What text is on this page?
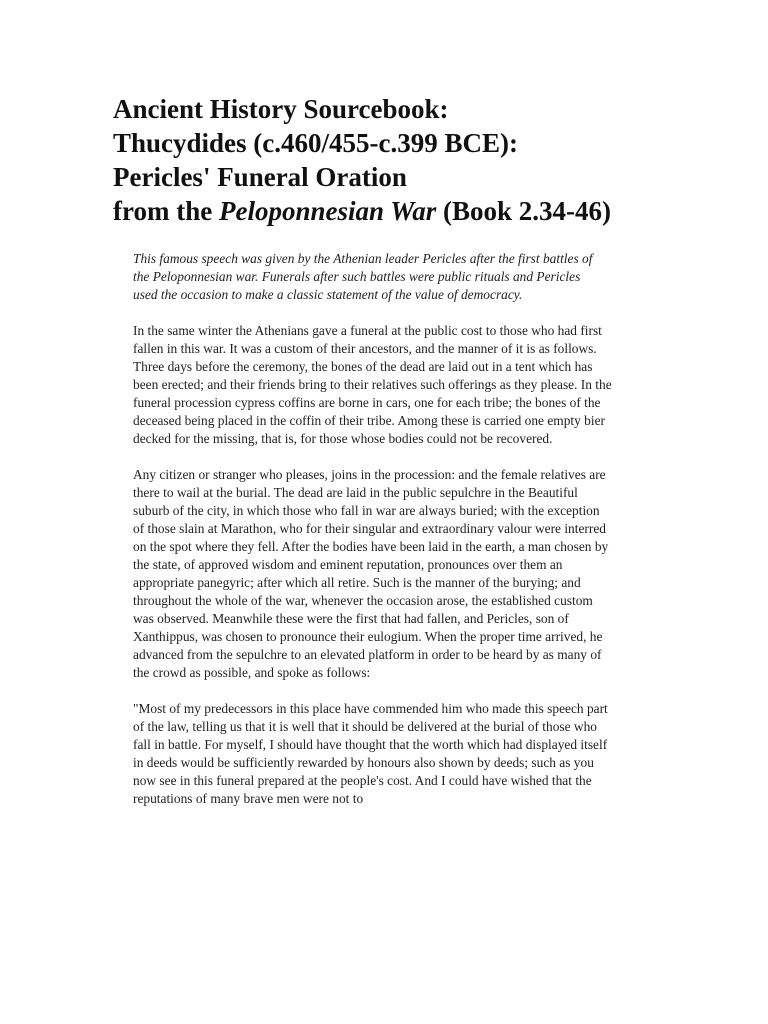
Ancient History Sourcebook:
Thucydides (c.460/455-c.399 BCE):
Pericles' Funeral Oration
from the Peloponnesian War (Book 2.34-46)

This famous speech was given by the Athenian leader Pericles after the first battles of the Peloponnesian war. Funerals after such battles were public rituals and Pericles used the occasion to make a classic statement of the value of democracy.

In the same winter the Athenians gave a funeral at the public cost to those who had first fallen in this war. It was a custom of their ancestors, and the manner of it is as follows. Three days before the ceremony, the bones of the dead are laid out in a tent which has been erected; and their friends bring to their relatives such offerings as they please. In the funeral procession cypress coffins are borne in cars, one for each tribe; the bones of the deceased being placed in the coffin of their tribe. Among these is carried one empty bier decked for the missing, that is, for those whose bodies could not be recovered.

Any citizen or stranger who pleases, joins in the procession: and the female relatives are there to wail at the burial. The dead are laid in the public sepulchre in the Beautiful suburb of the city, in which those who fall in war are always buried; with the exception of those slain at Marathon, who for their singular and extraordinary valour were interred on the spot where they fell. After the bodies have been laid in the earth, a man chosen by the state, of approved wisdom and eminent reputation, pronounces over them an appropriate panegyric; after which all retire. Such is the manner of the burying; and throughout the whole of the war, whenever the occasion arose, the established custom was observed. Meanwhile these were the first that had fallen, and Pericles, son of Xanthippus, was chosen to pronounce their eulogium. When the proper time arrived, he advanced from the sepulchre to an elevated platform in order to be heard by as many of the crowd as possible, and spoke as follows:

"Most of my predecessors in this place have commended him who made this speech part of the law, telling us that it is well that it should be delivered at the burial of those who fall in battle. For myself, I should have thought that the worth which had displayed itself in deeds would be sufficiently rewarded by honours also shown by deeds; such as you now see in this funeral prepared at the people's cost. And I could have wished that the reputations of many brave men were not to
